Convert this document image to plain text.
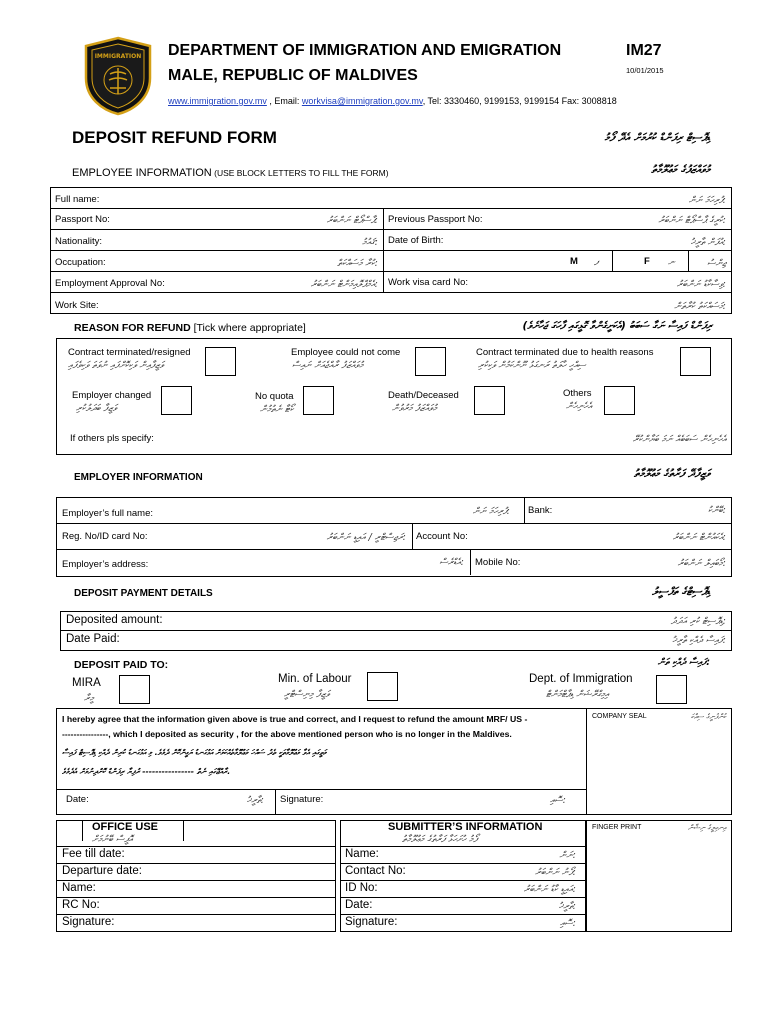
IMMIGRATION DEPARTMENT OF IMMIGRATION AND EMIGRATION
MALE, REPUBLIC OF MALDIVES
IM27
10/01/2015
www.immigration.gov.mv , Email: workvisa@immigration.gov.mv, Tel: 3330460, 9199153, 9199154 Fax: 3008818
DEPOSIT REFUND FORM	ޑިޕޮސިޓް ރިފަންޑް ކުރުމަށް އެދޭ ފޯމު
EMPLOYEE INFORMATION (USE BLOCK LETTERS TO FILL THE FORM)	މުވައްޒަފުގެ މަޢުލޫމާތު
Full name:	ފުރިހަމަ ނަން:
Passport No:	ޕާސްޕޯޓް ނަންބަރު: Previous Passport No:	ކުރީގެ ޕާސްޕޯޓް ނަންބަރު:
Nationality:	ޤައުމު: Date of Birth:	އުފަން ތާރީޚު:
Occupation:	ކުރާ މަސައްކަތް:	M ފ	F ނ	ޖިންސު
Employment Approval No:	އެމްޕްލޮއިމަންޓް ނަންބަރު: Work visa card No:	ވިސާކާޑު ނަންބަރު:
Work Site:	މަސައްކަތު ކުރާތަން:
REASON FOR REFUND [Tick where appropriate]	ރިފަންޑް ފައިސާ ނަގާ ސަބަބު (އެކަށީގެންވާ ގޮޅީގައި ފާހަގަ ޖަހާށެވެ)
Contract terminated/resigned
ވަޒީފާއިން ވަކިކޮށްފައި ނުވަތަ ވަކިވެފައި
Employee could not come
މުވައްޒަފު ރާއްޖެއަށް ނައިސް
Contract terminated due to health reasons
ސިއްހީ ހާލަތު ރަނގަޅު ނޫންކަމުން ވަކިކުރި
Employer changed
ވަޒީފާ ބަދަލުކުރި
No quota
ކޯޓާ ނެތުމުން
Death/Deceased
މުވައްޒަފު މަރުވުން
Others
އެހެނިހެން
If others pls specify:	އެހެނިހެން ސަބަބެއް ނަމަ ބަޔާންކުރޭ
EMPLOYER INFORMATION	ވަޒީފާދޭ ފަރާތުގެ މަޢުލޫމާތު
Employer’s full name:	ފުރިހަމަ ނަން: Bank:	ބޭންކު:
Reg. No/ID card No:	ރަޖިސްޓްރީ / އައިޑީ ނަންބަރު: Account No:	އެކައުންޓް ނަންބަރު:
Employer’s address:	އެޑްރެސް: Mobile No:	މޯބައިލް ނަންބަރު:
DEPOSIT PAYMENT DETAILS	ޑިޕޮސިޓްގެ ތަފްސީލު
Deposited amount:	ޑިޕޮސިޓް ކުރި އަދަދު:
Date Paid:	ފައިސާ ދެއްކި ތާރީޚު:
DEPOSIT PAID TO:	ފައިސާ ދެއްކި ތަން:
MIRA
މީރާ
Min. of Labour
ވަޒީފާ މިނިސްޓްރީ
Dept. of Immigration
އިމިގްރޭޝަން ޑިޕާޓްމަންޓް
I hereby agree that the information given above is true and correct, and I request to refund the amount MRF/ US -
----------------, which I deposited as security , for the above mentioned person who is no longer in the Maldives.
މަތީގައި އެވާ މަޢުލޫމާތަކީ ތެދު ސައްހަ މަޢުލޫމާތެއްކަމަށް އަޅުގަނޑު ޔަގީންކޮށް ދެމެވެ. މި އަޅުގަނޑު ކުރިން ދެއްކި ޑިޕޮސިޓް ފައިސާ
ރާއްޖޭގައި ނެތް ---------------- ރުފިޔާ ރިފަންޑް ކޮށްދިނުމަށް އެދެމެވެ.
COMPANY SEAL	ކުންފުނީގެ ސިއްކަ
Date:	ތާރީޚު: Signature:	ސޮއި:
OFFICE USE
އޮފީސް ބޭނުމަށް
Fee till date:
Departure date:
Name:
RC No:
Signature:
SUBMITTER’S INFORMATION
ފޯމު ހުށަހަޅާ ފަރާތުގެ މަޢުލޫމާތު
Name:	ނަން:
Contact No:	ފޯނު ނަންބަރު:
ID No:	އައިޑީ ކާޑު ނަންބަރު:
Date:	ތާރީޚު:
Signature:	ސޮއި:
FINGER PRINT	އިނގިލީގެ ނިޝާން
